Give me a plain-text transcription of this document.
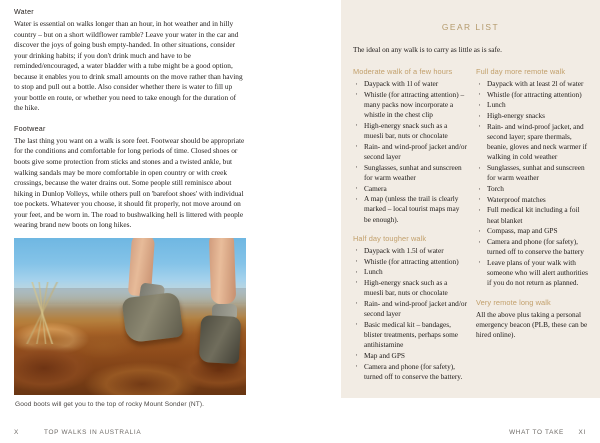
Water

Water is essential on walks longer than an hour, in hot weather and in hilly country – but on a short wildflower ramble? Leave your water in the car and discover the joys of going bush empty-handed. In other situations, consider your drinking habits; if you don't drink much and have to be reminded/encouraged, a water bladder with a tube might be a good option, because it enables you to drink small amounts on the move rather than having to stop and pull out a bottle. Also consider whether there is water to fill up your bottle en route, or whether you need to take enough for the duration of the hike.

Footwear

The last thing you want on a walk is sore feet. Footwear should be appropriate for the conditions and comfortable for long periods of time. Closed shoes or boots give some protection from sticks and stones and a twisted ankle, but walking sandals may be more comfortable in open country or with creek crossings, because the water drains out. Some people still reminisce about hiking in Dunlop Volleys, while others pull on 'barefoot shoes' with individual toe pockets. Whatever you choose, it should fit properly, not move around on your feet, and be worn in. The road to bushwalking hell is littered with people wearing brand new boots on long hikes.

Good boots will get you to the top of rocky Mount Sonder (NT).
GEAR LIST

The ideal on any walk is to carry as little as is safe.

Moderate walk of a few hours
· Daypack with 1l of water
· Whistle (for attracting attention) – many packs now incorporate a whistle in the chest clip
· High-energy snack such as a muesli bar, nuts or chocolate
· Rain- and wind-proof jacket and/or second layer
· Sunglasses, sunhat and sunscreen for warm weather
· Camera
· A map (unless the trail is clearly marked – local tourist maps may be enough).
Half day tougher walk
· Daypack with 1.5l of water
· Whistle (for attracting attention)
· Lunch
· High-energy snack such as a muesli bar, nuts or chocolate
· Rain- and wind-proof jacket and/or second layer
· Basic medical kit – bandages, blister treatments, perhaps some antihistamine
· Map and GPS
· Camera and phone (for safety), turned off to conserve the battery.
Full day more remote walk
· Daypack with at least 2l of water
· Whistle (for attracting attention)
· Lunch
· High-energy snacks
· Rain- and wind-proof jacket, and second layer; spare thermals, beanie, gloves and neck warmer if walking in cold weather
· Sunglasses, sunhat and sunscreen for warm weather
· Torch
· Waterproof matches
· Full medical kit including a foil heat blanket
· Compass, map and GPS
· Camera and phone (for safety), turned off to conserve the battery
· Leave plans of your walk with someone who will alert authorities if you do not return as planned.
Very remote long walk

All the above plus taking a personal emergency beacon (PLB, these can be hired online).

X	TOP WALKS IN AUSTRALIA	WHAT TO TAKE XI
